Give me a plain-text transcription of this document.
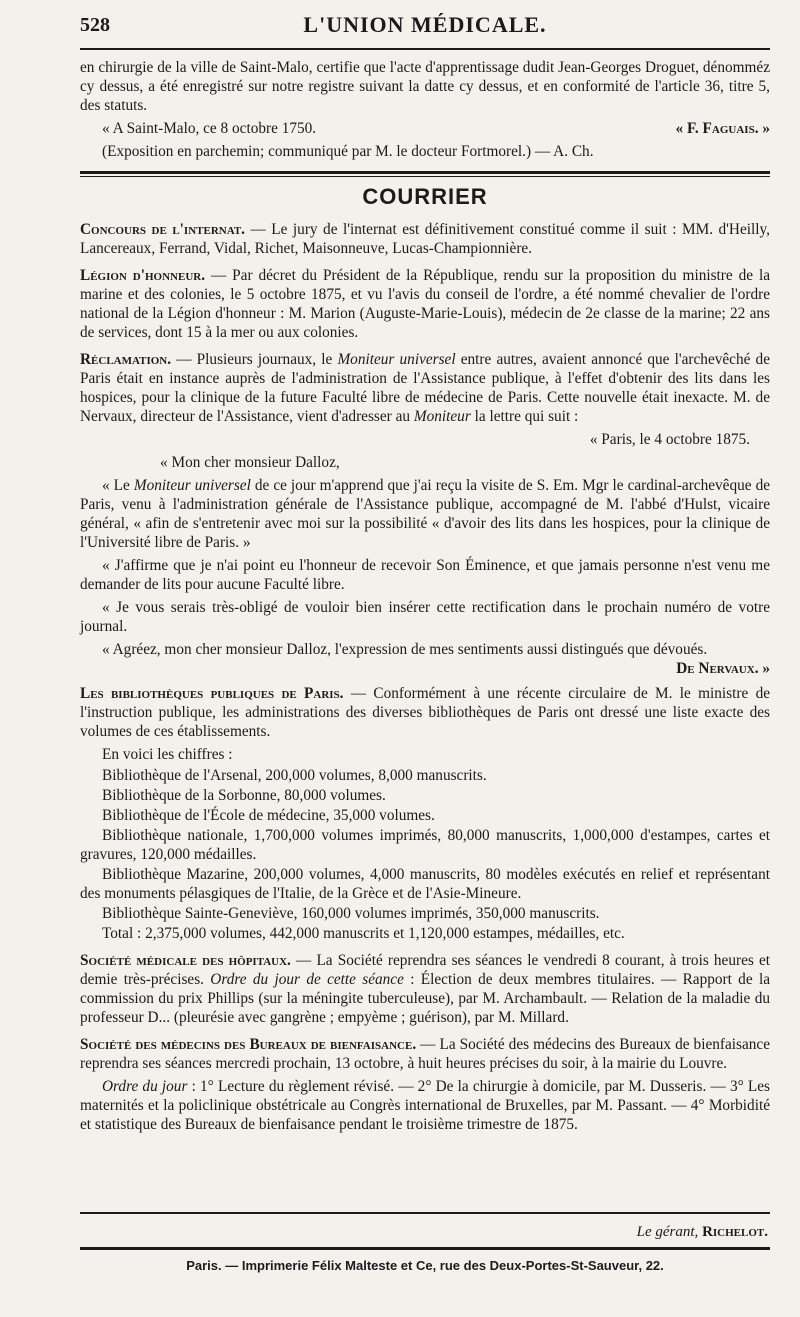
528	L'UNION MÉDICALE.

en chirurgie de la ville de Saint-Malo, certifie que l'acte d'apprentissage dudit Jean-Georges Droguet, dénomméz cy dessus, a été enregistré sur notre registre suivant la datte cy dessus, et en conformité de l'article 36, titre 5, des statuts.

« A Saint-Malo, ce 8 octobre 1750.	« F. Faguais. »

(Exposition en parchemin; communiqué par M. le docteur Fortmorel.) — A. Ch.

COURRIER

Concours de l'internat. — Le jury de l'internat est définitivement constitué comme il suit : MM. d'Heilly, Lancereaux, Ferrand, Vidal, Richet, Maisonneuve, Lucas-Championnière.

Légion d'honneur. — Par décret du Président de la République, rendu sur la proposition du ministre de la marine et des colonies, le 5 octobre 1875, et vu l'avis du conseil de l'ordre, a été nommé chevalier de l'ordre national de la Légion d'honneur : M. Marion (Auguste-Marie-Louis), médecin de 2e classe de la marine; 22 ans de services, dont 15 à la mer ou aux colonies.

Réclamation. — Plusieurs journaux, le Moniteur universel entre autres, avaient annoncé que l'archevêché de Paris était en instance auprès de l'administration de l'Assistance publique, à l'effet d'obtenir des lits dans les hospices, pour la clinique de la future Faculté libre de médecine de Paris. Cette nouvelle était inexacte. M. de Nervaux, directeur de l'Assistance, vient d'adresser au Moniteur la lettre qui suit :

« Paris, le 4 octobre 1875.

« Mon cher monsieur Dalloz,

« Le Moniteur universel de ce jour m'apprend que j'ai reçu la visite de S. Em. Mgr le cardinal-archevêque de Paris, venu à l'administration générale de l'Assistance publique, accompagné de M. l'abbé d'Hulst, vicaire général, « afin de s'entretenir avec moi sur la possibilité « d'avoir des lits dans les hospices, pour la clinique de l'Université libre de Paris. »

« J'affirme que je n'ai point eu l'honneur de recevoir Son Éminence, et que jamais personne n'est venu me demander de lits pour aucune Faculté libre.

« Je vous serais très-obligé de vouloir bien insérer cette rectification dans le prochain numéro de votre journal.

« Agréez, mon cher monsieur Dalloz, l'expression de mes sentiments aussi distingués que dévoués.

De Nervaux. »

Les bibliothèques publiques de Paris. — Conformément à une récente circulaire de M. le ministre de l'instruction publique, les administrations des diverses bibliothèques de Paris ont dressé une liste exacte des volumes de ces établissements.

En voici les chiffres :

Bibliothèque de l'Arsenal, 200,000 volumes, 8,000 manuscrits.

Bibliothèque de la Sorbonne, 80,000 volumes.

Bibliothèque de l'École de médecine, 35,000 volumes.

Bibliothèque nationale, 1,700,000 volumes imprimés, 80,000 manuscrits, 1,000,000 d'estampes, cartes et gravures, 120,000 médailles.

Bibliothèque Mazarine, 200,000 volumes, 4,000 manuscrits, 80 modèles exécutés en relief et représentant des monuments pélasgiques de l'Italie, de la Grèce et de l'Asie-Mineure.

Bibliothèque Sainte-Geneviève, 160,000 volumes imprimés, 350,000 manuscrits.

Total : 2,375,000 volumes, 442,000 manuscrits et 1,120,000 estampes, médailles, etc.

Société médicale des hôpitaux. — La Société reprendra ses séances le vendredi 8 courant, à trois heures et demie très-précises. Ordre du jour de cette séance : Élection de deux membres titulaires. — Rapport de la commission du prix Phillips (sur la méningite tuberculeuse), par M. Archambault. — Relation de la maladie du professeur D... (pleurésie avec gangrène ; empyème ; guérison), par M. Millard.

Société des médecins des Bureaux de bienfaisance. — La Société des médecins des Bureaux de bienfaisance reprendra ses séances mercredi prochain, 13 octobre, à huit heures précises du soir, à la mairie du Louvre.

Ordre du jour : 1° Lecture du règlement révisé. — 2° De la chirurgie à domicile, par M. Dusseris. — 3° Les maternités et la policlinique obstétricale au Congrès international de Bruxelles, par M. Passant. — 4° Morbidité et statistique des Bureaux de bienfaisance pendant le troisième trimestre de 1875.

Le gérant, Richelot.
Paris. — Imprimerie Félix Malteste et Ce, rue des Deux-Portes-St-Sauveur, 22.
